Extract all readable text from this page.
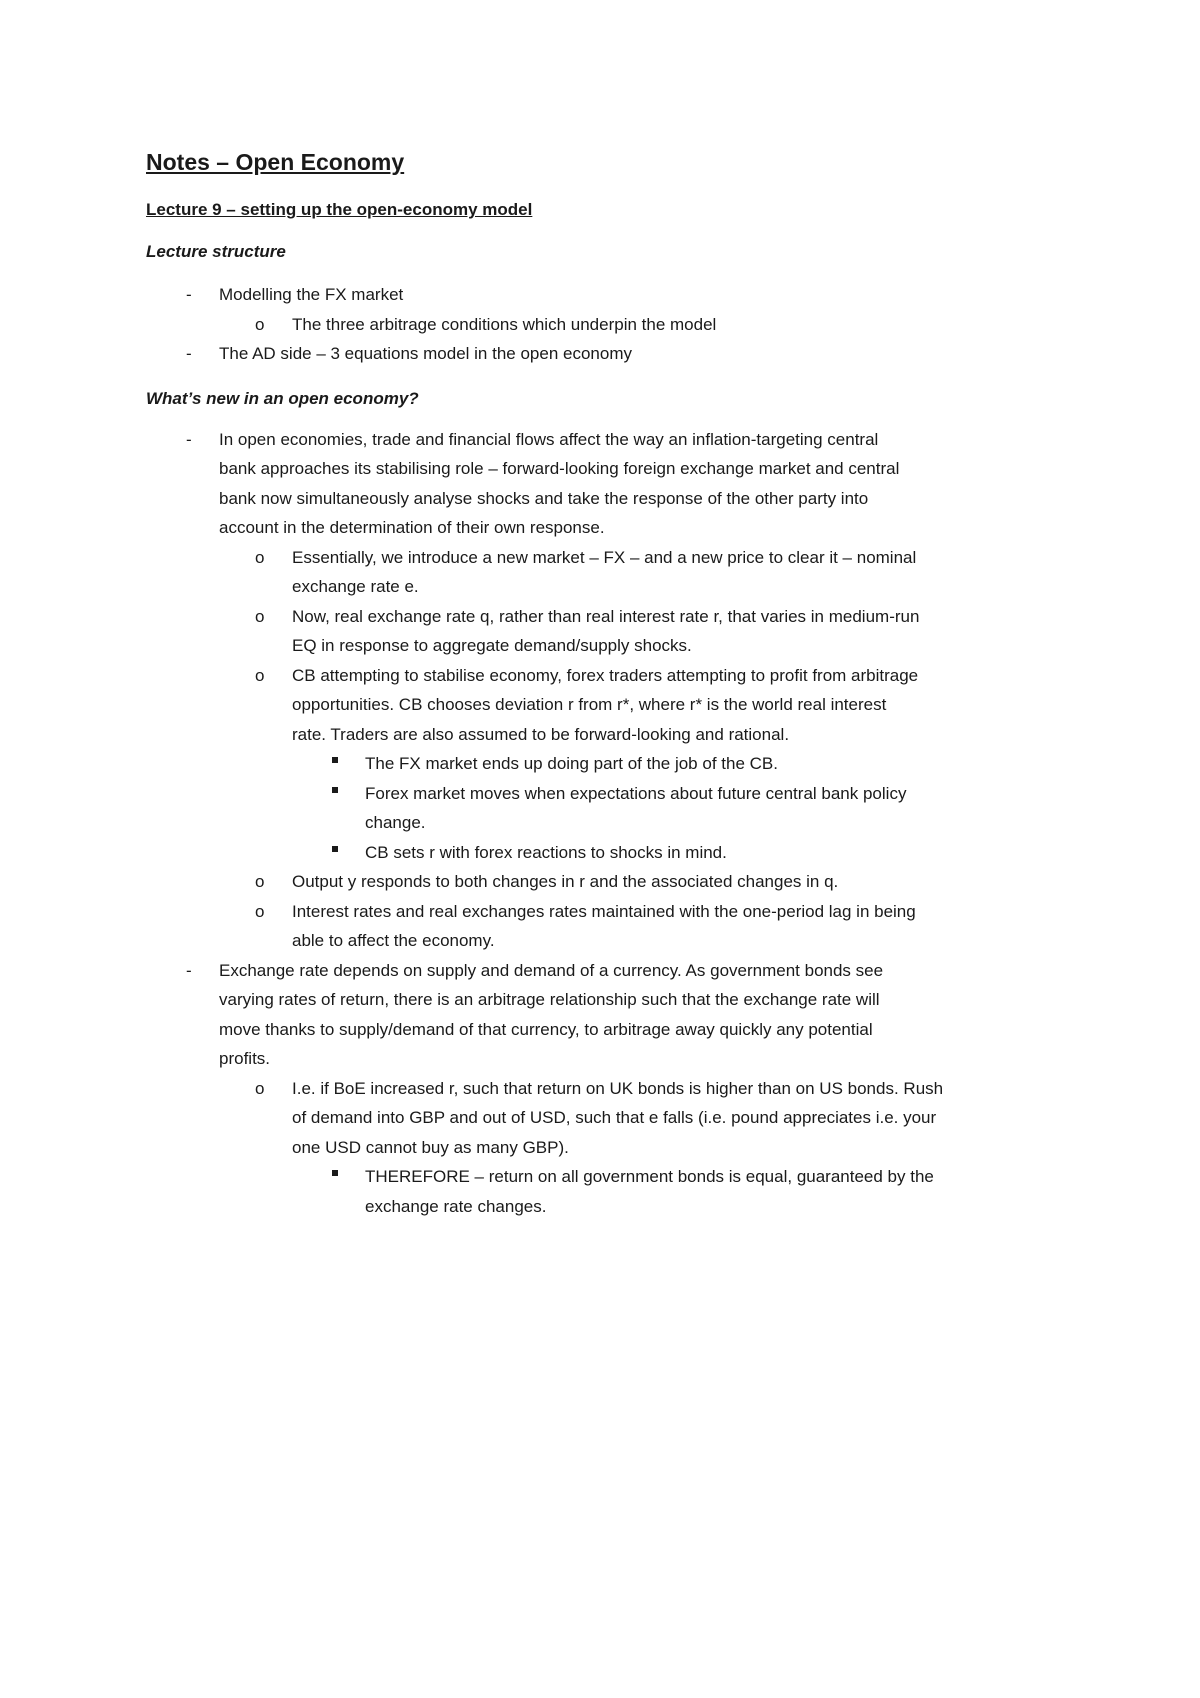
Notes – Open Economy
Lecture 9 – setting up the open-economy model
Lecture structure
-	Modelling the FX market
o	The three arbitrage conditions which underpin the model
-	The AD side – 3 equations model in the open economy
What’s new in an open economy?
-	In open economies, trade and financial flows affect the way an inflation-targeting central
bank approaches its stabilising role – forward-looking foreign exchange market and central
bank now simultaneously analyse shocks and take the response of the other party into
account in the determination of their own response.
o	Essentially, we introduce a new market – FX – and a new price to clear it – nominal
exchange rate e.
o	Now, real exchange rate q, rather than real interest rate r, that varies in medium-run
EQ in response to aggregate demand/supply shocks.
o	CB attempting to stabilise economy, forex traders attempting to profit from arbitrage
opportunities. CB chooses deviation r from r*, where r* is the world real interest
rate. Traders are also assumed to be forward-looking and rational.
The FX market ends up doing part of the job of the CB.
Forex market moves when expectations about future central bank policy
change.
CB sets r with forex reactions to shocks in mind.
o	Output y responds to both changes in r and the associated changes in q.
o	Interest rates and real exchanges rates maintained with the one-period lag in being
able to affect the economy.
-	Exchange rate depends on supply and demand of a currency. As government bonds see
varying rates of return, there is an arbitrage relationship such that the exchange rate will
move thanks to supply/demand of that currency, to arbitrage away quickly any potential
profits.
o	I.e. if BoE increased r, such that return on UK bonds is higher than on US bonds. Rush
of demand into GBP and out of USD, such that e falls (i.e. pound appreciates i.e. your
one USD cannot buy as many GBP).
THEREFORE – return on all government bonds is equal, guaranteed by the
exchange rate changes.
